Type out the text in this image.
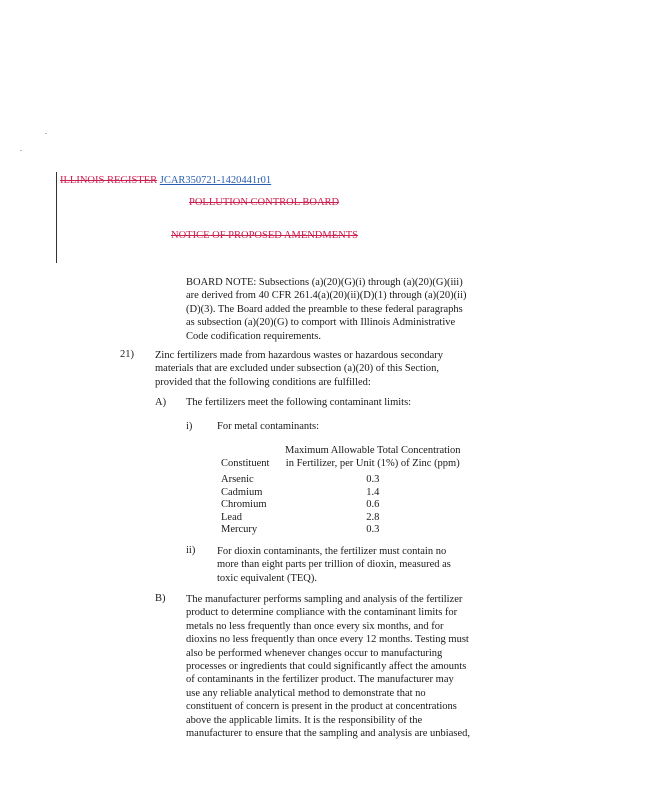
ILLINOIS REGISTER JCAR350721-1420441r01
POLLUTION CONTROL BOARD
NOTICE OF PROPOSED AMENDMENTS
BOARD NOTE: Subsections (a)(20)(G)(i) through (a)(20)(G)(iii) are derived from 40 CFR 261.4(a)(20)(ii)(D)(1) through (a)(20)(ii)(D)(3). The Board added the preamble to these federal paragraphs as subsection (a)(20)(G) to comport with Illinois Administrative Code codification requirements.
21) Zinc fertilizers made from hazardous wastes or hazardous secondary materials that are excluded under subsection (a)(20) of this Section, provided that the following conditions are fulfilled:
A) The fertilizers meet the following contaminant limits:
i) For metal contaminants:
Constituent	Maximum Allowable Total Concentration
in Fertilizer, per Unit (1%) of Zinc (ppm)

Arsenic	0.3
Cadmium	1.4
Chromium	0.6
Lead	2.8
Mercury	0.3
ii) For dioxin contaminants, the fertilizer must contain no more than eight parts per trillion of dioxin, measured as toxic equivalent (TEQ).
B) The manufacturer performs sampling and analysis of the fertilizer product to determine compliance with the contaminant limits for metals no less frequently than once every six months, and for dioxins no less frequently than once every 12 months. Testing must also be performed whenever changes occur to manufacturing processes or ingredients that could significantly affect the amounts of contaminants in the fertilizer product. The manufacturer may use any reliable analytical method to demonstrate that no constituent of concern is present in the product at concentrations above the applicable limits. It is the responsibility of the manufacturer to ensure that the sampling and analysis are unbiased,
